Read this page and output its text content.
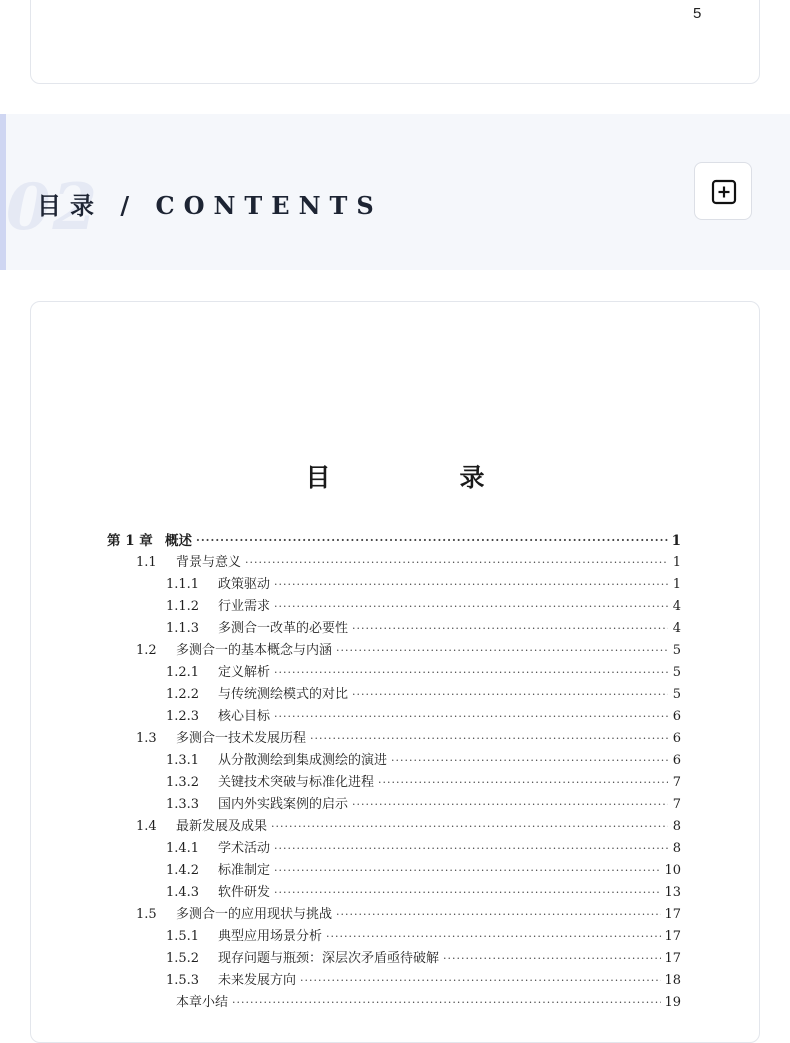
5
02
目录 / CONTENTS
目　录
第 1 章 概述 ·····	1
1.1	背景与意义 ·····	1
1.1.1	政策驱动 ·····	1
1.1.2	行业需求 ·····	4
1.1.3	多测合一改革的必要性 ·····	4
1.2	多测合一的基本概念与内涵 ·····	5
1.2.1	定义解析 ·····	5
1.2.2	与传统测绘模式的对比 ·····	5
1.2.3	核心目标 ·····	6
1.3	多测合一技术发展历程 ·····	6
1.3.1	从分散测绘到集成测绘的演进 ·····	6
1.3.2	关键技术突破与标准化进程 ·····	7
1.3.3	国内外实践案例的启示 ·····	7
1.4	最新发展及成果 ·····	8
1.4.1	学术活动 ·····	8
1.4.2	标准制定 ·····	10
1.4.3	软件研发 ·····	13
1.5	多测合一的应用现状与挑战 ·····	17
1.5.1	典型应用场景分析 ·····	17
1.5.2	现存问题与瓶颈：深层次矛盾亟待破解 ·····	17
1.5.3	未来发展方向 ·····	18
本章小结 ·····	19
